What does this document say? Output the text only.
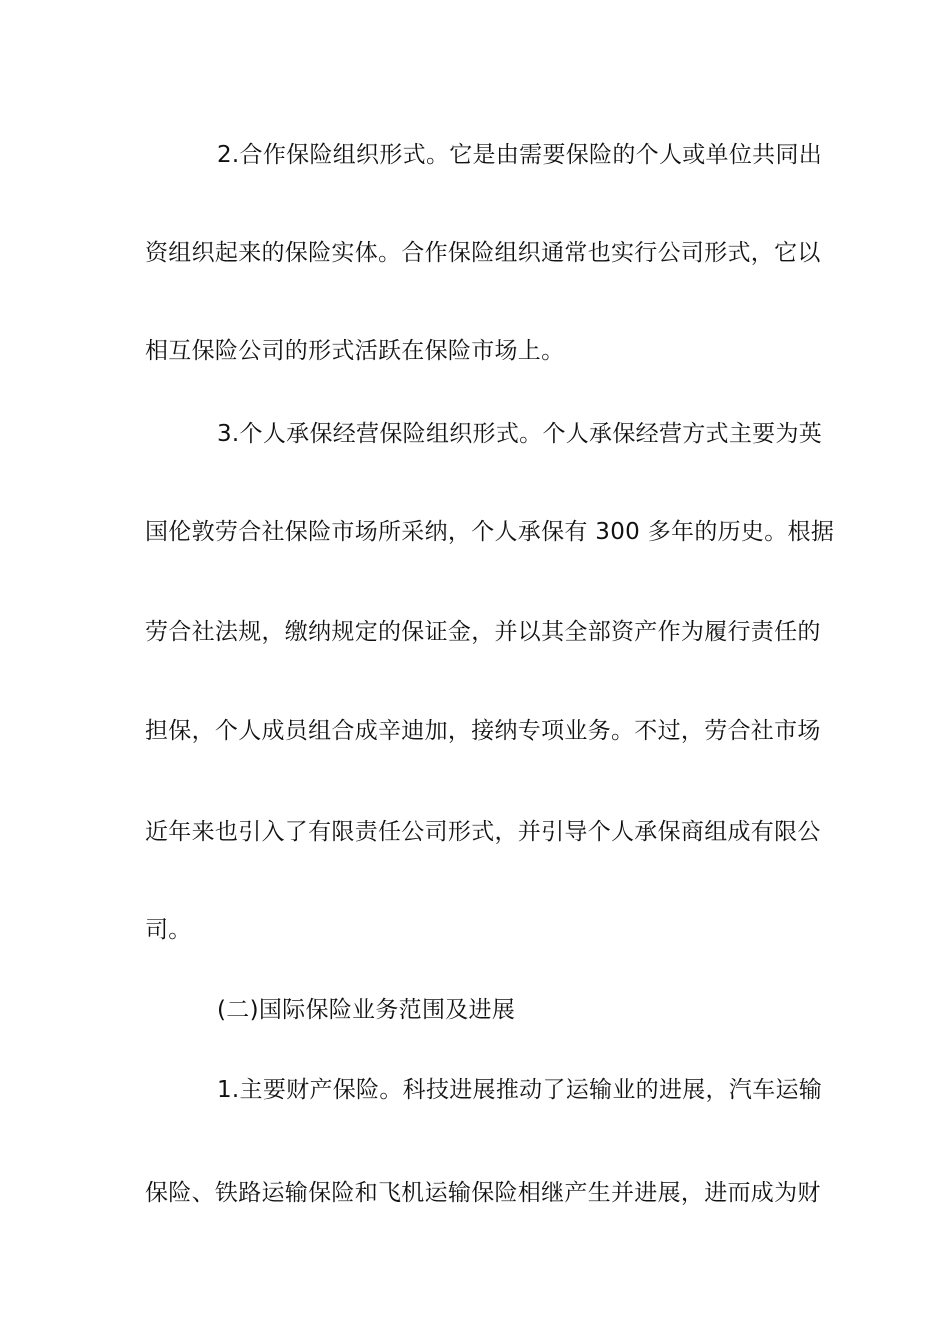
2.合作保险组织形式。它是由需要保险的个人或单位共同出
资组织起来的保险实体。合作保险组织通常也实行公司形式，它以
相互保险公司的形式活跃在保险市场上。
3.个人承保经营保险组织形式。个人承保经营方式主要为英
国伦敦劳合社保险市场所采纳，个人承保有 300 多年的历史。根据
劳合社法规，缴纳规定的保证金，并以其全部资产作为履行责任的
担保，个人成员组合成辛迪加，接纳专项业务。不过，劳合社市场
近年来也引入了有限责任公司形式，并引导个人承保商组成有限公
司。
(二)国际保险业务范围及进展
1.主要财产保险。科技进展推动了运输业的进展，汽车运输
保险、铁路运输保险和飞机运输保险相继产生并进展，进而成为财
